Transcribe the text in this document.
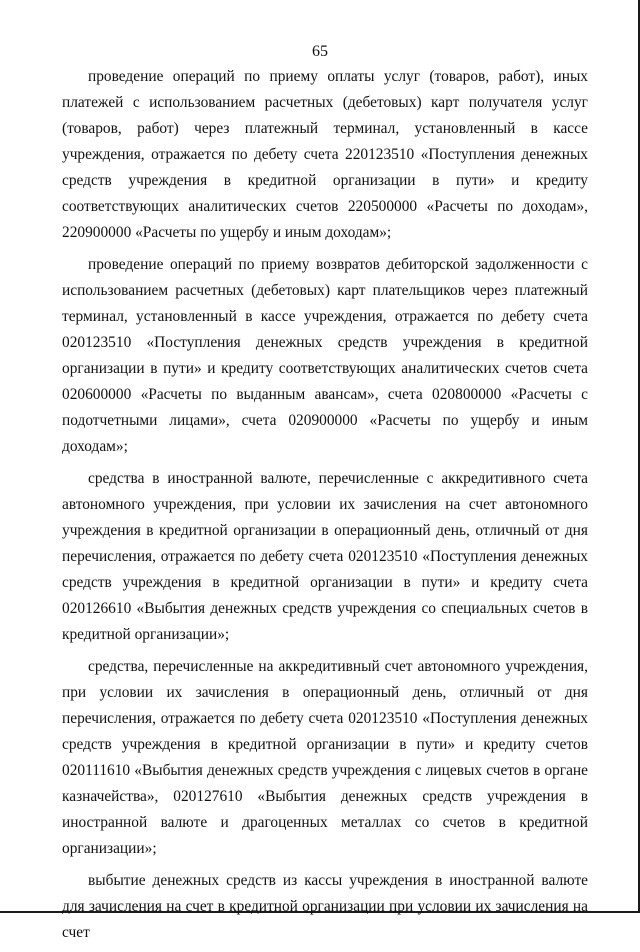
65

проведение операций по приему оплаты услуг (товаров, работ), иных платежей с использованием расчетных (дебетовых) карт получателя услуг (товаров, работ) через платежный терминал, установленный в кассе учреждения, отражается по дебету счета 220123510 «Поступления денежных средств учреждения в кредитной организации в пути» и кредиту соответствующих аналитических счетов 220500000 «Расчеты по доходам», 220900000 «Расчеты по ущербу и иным доходам»;

проведение операций по приему возвратов дебиторской задолженности с использованием расчетных (дебетовых) карт плательщиков через платежный терминал, установленный в кассе учреждения, отражается по дебету счета 020123510 «Поступления денежных средств учреждения в кредитной организации в пути» и кредиту соответствующих аналитических счетов счета 020600000 «Расчеты по выданным авансам», счета 020800000 «Расчеты с подотчетными лицами», счета 020900000 «Расчеты по ущербу и иным доходам»;

средства в иностранной валюте, перечисленные с аккредитивного счета автономного учреждения, при условии их зачисления на счет автономного учреждения в кредитной организации в операционный день, отличный от дня перечисления, отражается по дебету счета 020123510 «Поступления денежных средств учреждения в кредитной организации в пути» и кредиту счета 020126610 «Выбытия денежных средств учреждения со специальных счетов в кредитной организации»;

средства, перечисленные на аккредитивный счет автономного учреждения, при условии их зачисления в операционный день, отличный от дня перечисления, отражается по дебету счета 020123510 «Поступления денежных средств учреждения в кредитной организации в пути» и кредиту счетов 020111610 «Выбытия денежных средств учреждения с лицевых счетов в органе казначейства», 020127610 «Выбытия денежных средств учреждения в иностранной валюте и драгоценных металлах со счетов в кредитной организации»;

выбытие денежных средств из кассы учреждения в иностранной валюте для зачисления на счет в кредитной организации при условии их зачисления на счет
